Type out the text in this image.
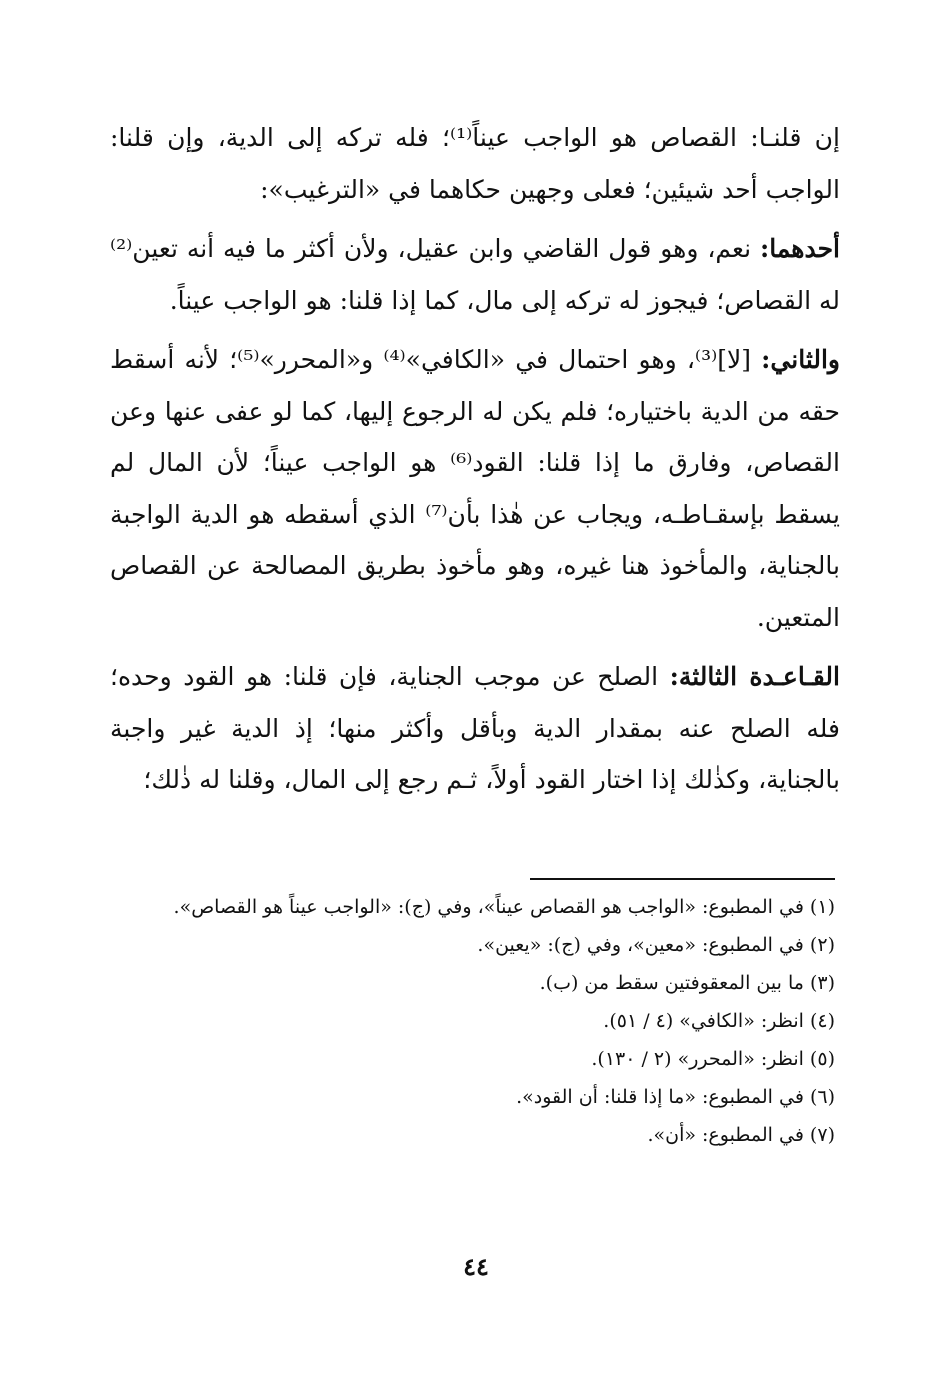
إن قلنـا: القصاص هو الواجب عيناً⁽¹⁾؛ فله تركه إلى الدية، وإن قلنا: الواجب أحد شيئين؛ فعلى وجهين حكاهما في «الترغيب»:

أحدهما: نعم، وهو قول القاضي وابن عقيل، ولأن أكثر ما فيه أنه تعين⁽²⁾ له القصاص؛ فيجوز له تركه إلى مال، كما إذا قلنا: هو الواجب عيناً.

والثاني: [لا]⁽³⁾، وهو احتمال في «الكافي»⁽⁴⁾ و«المحرر»⁽⁵⁾؛ لأنه أسقط حقه من الدية باختياره؛ فلم يكن له الرجوع إليها، كما لو عفى عنها وعن القصاص، وفارق ما إذا قلنا: القود⁽⁶⁾ هو الواجب عيناً؛ لأن المال لم يسقط بإسقـاطـه، ويجاب عن هٰذا بأن⁽⁷⁾ الذي أسقطه هو الدية الواجبة بالجناية، والمأخوذ هنا غيره، وهو مأخوذ بطريق المصالحة عن القصاص المتعين.

القـاعـدة الثالثة: الصلح عن موجب الجناية، فإن قلنا: هو القود وحده؛ فله الصلح عنه بمقدار الدية وبأقل وأكثر منها؛ إذ الدية غير واجبة بالجناية، وكذٰلك إذا اختار القود أولاً، ثـم رجع إلى المال، وقلنا له ذٰلك؛

(١) في المطبوع: «الواجب هو القصاص عيناً»، وفي (ج): «الواجب عيناً هو القصاص».

(٢) في المطبوع: «معين»، وفي (ج): «يعين».

(٣) ما بين المعقوفتين سقط من (ب).

(٤) انظر: «الكافي» (٤ / ٥١).

(٥) انظر: «المحرر» (٢ / ١٣٠).

(٦) في المطبوع: «ما إذا قلنا: أن القود».

(٧) في المطبوع: «أن».

٤٤
